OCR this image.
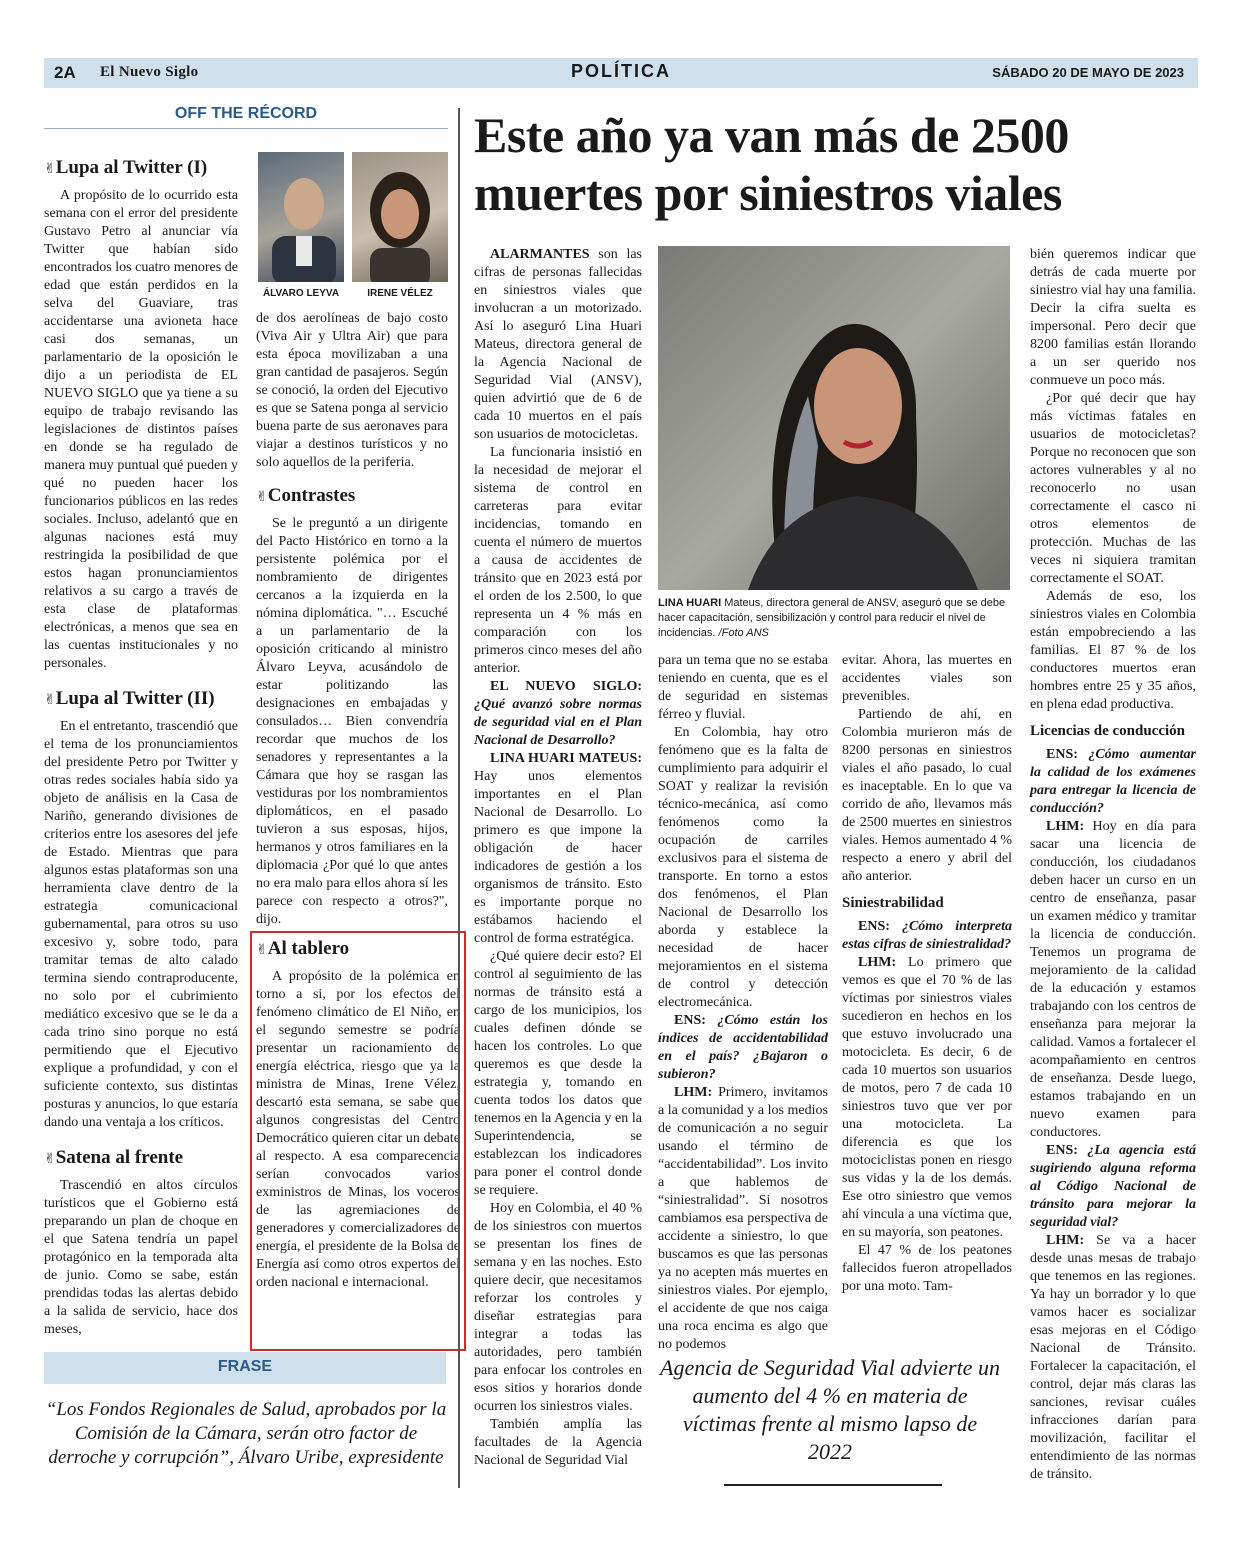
2A El Nuevo Siglo	POLÍTICA	SÁBADO 20 DE MAYO DE 2023
OFF THE RÉCORD
✌Lupa al Twitter (I)

A propósito de lo ocurrido esta semana con el error del presidente Gustavo Petro al anunciar vía Twitter que habían sido encontrados los cuatro menores de edad que están perdidos en la selva del Guaviare, tras accidentarse una avioneta hace casi dos semanas, un parlamentario de la oposición le dijo a un periodista de EL NUEVO SIGLO que ya tiene a su equipo de trabajo revisando las legislaciones de distintos países en donde se ha regulado de manera muy puntual qué pueden y qué no pueden hacer los funcionarios públicos en las redes sociales. Incluso, adelantó que en algunas naciones está muy restringida la posibilidad de que estos hagan pronunciamientos relativos a su cargo a través de esta clase de plataformas electrónicas, a menos que sea en las cuentas institucionales y no personales.

✌Lupa al Twitter (II)

En el entretanto, trascendió que el tema de los pronunciamientos del presidente Petro por Twitter y otras redes sociales había sido ya objeto de análisis en la Casa de Nariño, generando divisiones de criterios entre los asesores del jefe de Estado. Mientras que para algunos estas plataformas son una herramienta clave dentro de la estrategia comunicacional gubernamental, para otros su uso excesivo y, sobre todo, para tramitar temas de alto calado termina siendo contraproducente, no solo por el cubrimiento mediático excesivo que se le da a cada trino sino porque no está permitiendo que el Ejecutivo explique a profundidad, y con el suficiente contexto, sus distintas posturas y anuncios, lo que estaría dando una ventaja a los críticos.

✌Satena al frente

Trascendió en altos círculos turísticos que el Gobierno está preparando un plan de choque en el que Satena tendría un papel protagónico en la temporada alta de junio. Como se sabe, están prendidas todas las alertas debido a la salida de servicio, hace dos meses,

ÁLVARO LEYVA	IRENE VÉLEZ

de dos aerolíneas de bajo costo (Viva Air y Ultra Air) que para esta época movilizaban a una gran cantidad de pasajeros. Según se conoció, la orden del Ejecutivo es que se Satena ponga al servicio buena parte de sus aeronaves para viajar a destinos turísticos y no solo aquellos de la periferia.

✌Contrastes

Se le preguntó a un dirigente del Pacto Histórico en torno a la persistente polémica por el nombramiento de dirigentes cercanos a la izquierda en la nómina diplomática. "… Escuché a un parlamentario de la oposición criticando al ministro Álvaro Leyva, acusándolo de estar politizando las designaciones en embajadas y consulados… Bien convendría recordar que muchos de los senadores y representantes a la Cámara que hoy se rasgan las vestiduras por los nombramientos diplomáticos, en el pasado tuvieron a sus esposas, hijos, hermanos y otros familiares en la diplomacia ¿Por qué lo que antes no era malo para ellos ahora sí les parece con respecto a otros?", dijo.

✌Al tablero

A propósito de la polémica en torno a si, por los efectos del fenómeno climático de El Niño, en el segundo semestre se podría presentar un racionamiento de energía eléctrica, riesgo que ya la ministra de Minas, Irene Vélez, descartó esta semana, se sabe que algunos congresistas del Centro Democrático quieren citar un debate al respecto. A esa comparecencia serían convocados varios exministros de Minas, los voceros de las agremiaciones de generadores y comercializadores de energía, el presidente de la Bolsa de Energía así como otros expertos del orden nacional e internacional.

FRASE
“Los Fondos Regionales de Salud, aprobados por la Comisión de la Cámara, serán otro factor de derroche y corrupción”, Álvaro Uribe, expresidente
Este año ya van más de 2500 muertes por siniestros viales

ALARMANTES son las cifras de personas fallecidas en siniestros viales que involucran a un motorizado. Así lo aseguró Lina Huari Mateus, directora general de la Agencia Nacional de Seguridad Vial (ANSV), quien advirtió que de 6 de cada 10 muertos en el país son usuarios de motocicletas.

La funcionaria insistió en la necesidad de mejorar el sistema de control en carreteras para evitar incidencias, tomando en cuenta el número de muertos a causa de accidentes de tránsito que en 2023 está por el orden de los 2.500, lo que representa un 4 % más en comparación con los primeros cinco meses del año anterior.

EL NUEVO SIGLO: ¿Qué avanzó sobre normas de seguridad vial en el Plan Nacional de Desarrollo?

LINA HUARI MATEUS: Hay unos elementos importantes en el Plan Nacional de Desarrollo. Lo primero es que impone la obligación de hacer indicadores de gestión a los organismos de tránsito. Esto es importante porque no estábamos haciendo el control de forma estratégica.

¿Qué quiere decir esto? El control al seguimiento de las normas de tránsito está a cargo de los municipios, los cuales definen dónde se hacen los controles. Lo que queremos es que desde la estrategia y, tomando en cuenta todos los datos que tenemos en la Agencia y en la Superintendencia, se establezcan los indicadores para poner el control donde se requiere.

Hoy en Colombia, el 40 % de los siniestros con muertos se presentan los fines de semana y en las noches. Esto quiere decir, que necesitamos reforzar los controles y diseñar estrategias para integrar a todas las autoridades, pero también para enfocar los controles en esos sitios y horarios donde ocurren los siniestros viales.

También amplía las facultades de la Agencia Nacional de Seguridad Vial

LINA HUARI Mateus, directora general de ANSV, aseguró que se debe hacer capacitación, sensibilización y control para reducir el nivel de incidencias. /Foto ANS

para un tema que no se estaba teniendo en cuenta, que es el de seguridad en sistemas férreo y fluvial.

En Colombia, hay otro fenómeno que es la falta de cumplimiento para adquirir el SOAT y realizar la revisión técnico-mecánica, así como fenómenos como la ocupación de carriles exclusivos para el sistema de transporte. En torno a estos dos fenómenos, el Plan Nacional de Desarrollo los aborda y establece la necesidad de hacer mejoramientos en el sistema de control y detección electromecánica.

ENS: ¿Cómo están los índices de accidentabilidad en el país? ¿Bajaron o subieron?

LHM: Primero, invitamos a la comunidad y a los medios de comunicación a no seguir usando el término de “accidentabilidad”. Los invito a que hablemos de “siniestralidad”. Si nosotros cambiamos esa perspectiva de accidente a siniestro, lo que buscamos es que las personas ya no acepten más muertes en siniestros viales. Por ejemplo, el accidente de que nos caiga una roca encima es algo que no podemos

evitar. Ahora, las muertes en accidentes viales son prevenibles.

Partiendo de ahí, en Colombia murieron más de 8200 personas en siniestros viales el año pasado, lo cual es inaceptable. En lo que va corrido de año, llevamos más de 2500 muertes en siniestros viales. Hemos aumentado 4 % respecto a enero y abril del año anterior.

Siniestrabilidad

ENS: ¿Cómo interpreta estas cifras de siniestralidad?

LHM: Lo primero que vemos es que el 70 % de las víctimas por siniestros viales sucedieron en hechos en los que estuvo involucrado una motocicleta. Es decir, 6 de cada 10 muertos son usuarios de motos, pero 7 de cada 10 siniestros tuvo que ver por una motocicleta. La diferencia es que los motociclistas ponen en riesgo sus vidas y la de los demás. Ese otro siniestro que vemos ahí vincula a una víctima que, en su mayoría, son peatones.

El 47 % de los peatones fallecidos fueron atropellados por una moto. Tam-

bién queremos indicar que detrás de cada muerte por siniestro vial hay una familia. Decir la cifra suelta es impersonal. Pero decir que 8200 familias están llorando a un ser querido nos conmueve un poco más.

¿Por qué decir que hay más víctimas fatales en usuarios de motocicletas? Porque no reconocen que son actores vulnerables y al no reconocerlo no usan correctamente el casco ni otros elementos de protección. Muchas de las veces ni siquiera tramitan correctamente el SOAT.

Además de eso, los siniestros viales en Colombia están empobreciendo a las familias. El 87 % de los conductores muertos eran hombres entre 25 y 35 años, en plena edad productiva.

Licencias de conducción

ENS: ¿Cómo aumentar la calidad de los exámenes para entregar la licencia de conducción?

LHM: Hoy en día para sacar una licencia de conducción, los ciudadanos deben hacer un curso en un centro de enseñanza, pasar un examen médico y tramitar la licencia de conducción. Tenemos un programa de mejoramiento de la calidad de la educación y estamos trabajando con los centros de enseñanza para mejorar la calidad. Vamos a fortalecer el acompañamiento en centros de enseñanza. Desde luego, estamos trabajando en un nuevo examen para conductores.

ENS: ¿La agencia está sugiriendo alguna reforma al Código Nacional de tránsito para mejorar la seguridad vial?

LHM: Se va a hacer desde unas mesas de trabajo que tenemos en las regiones. Ya hay un borrador y lo que vamos hacer es socializar esas mejoras en el Código Nacional de Tránsito. Fortalecer la capacitación, el control, dejar más claras las sanciones, revisar cuáles infracciones darían para movilización, facilitar el entendimiento de las normas de tránsito.

Agencia de Seguridad Vial advierte un aumento del 4 % en materia de víctimas frente al mismo lapso de 2022
